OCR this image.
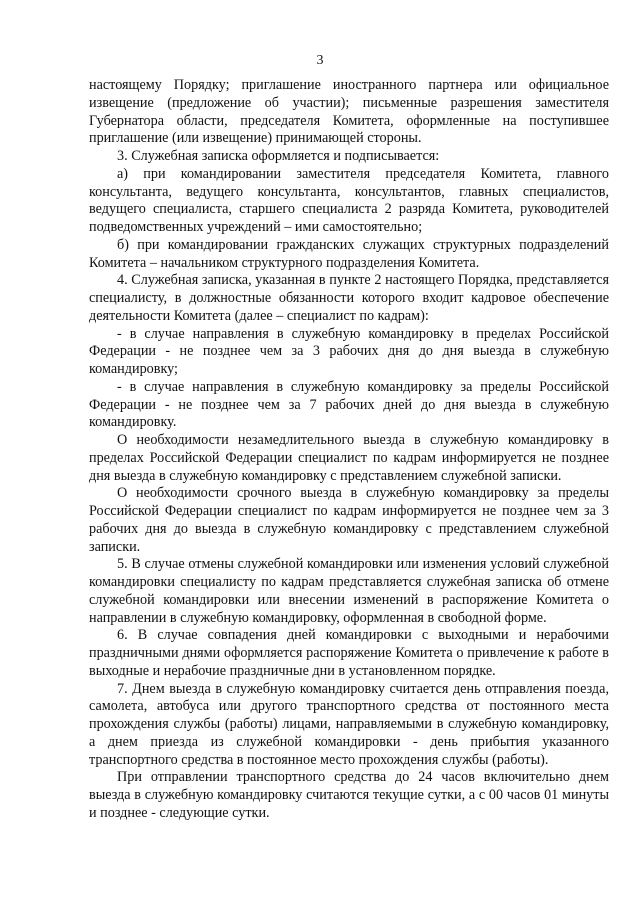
3

настоящему Порядку; приглашение иностранного партнера или официальное извещение (предложение об участии); письменные разрешения заместителя Губернатора области, председателя Комитета, оформленные на поступившее приглашение (или извещение) принимающей стороны.

3. Служебная записка оформляется и подписывается:

а) при командировании заместителя председателя Комитета, главного консультанта, ведущего консультанта, консультантов, главных специалистов, ведущего специалиста, старшего специалиста 2 разряда Комитета, руководителей подведомственных учреждений – ими самостоятельно;

б) при командировании гражданских служащих структурных подразделений Комитета – начальником структурного подразделения Комитета.

4. Служебная записка, указанная в пункте 2 настоящего Порядка, представляется специалисту, в должностные обязанности которого входит кадровое обеспечение деятельности Комитета (далее – специалист по кадрам):

- в случае направления в служебную командировку в пределах Российской Федерации - не позднее чем за 3 рабочих дня до дня выезда в служебную командировку;

- в случае направления в служебную командировку за пределы Российской Федерации - не позднее чем за 7 рабочих дней до дня выезда в служебную командировку.

О необходимости незамедлительного выезда в служебную командировку в пределах Российской Федерации специалист по кадрам информируется не позднее дня выезда в служебную командировку с представлением служебной записки.

О необходимости срочного выезда в служебную командировку за пределы Российской Федерации специалист по кадрам информируется не позднее чем за 3 рабочих дня до выезда в служебную командировку с представлением служебной записки.

5. В случае отмены служебной командировки или изменения условий служебной командировки специалисту по кадрам представляется служебная записка об отмене служебной командировки или внесении изменений в распоряжение Комитета о направлении в служебную командировку, оформленная в свободной форме.

6. В случае совпадения дней командировки с выходными и нерабочими праздничными днями оформляется распоряжение Комитета о привлечение к работе в выходные и нерабочие праздничные дни в установленном порядке.

7. Днем выезда в служебную командировку считается день отправления поезда, самолета, автобуса или другого транспортного средства от постоянного места прохождения службы (работы) лицами, направляемыми в служебную командировку, а днем приезда из служебной командировки - день прибытия указанного транспортного средства в постоянное место прохождения службы (работы).

При отправлении транспортного средства до 24 часов включительно днем выезда в служебную командировку считаются текущие сутки, а с 00 часов 01 минуты и позднее - следующие сутки.
